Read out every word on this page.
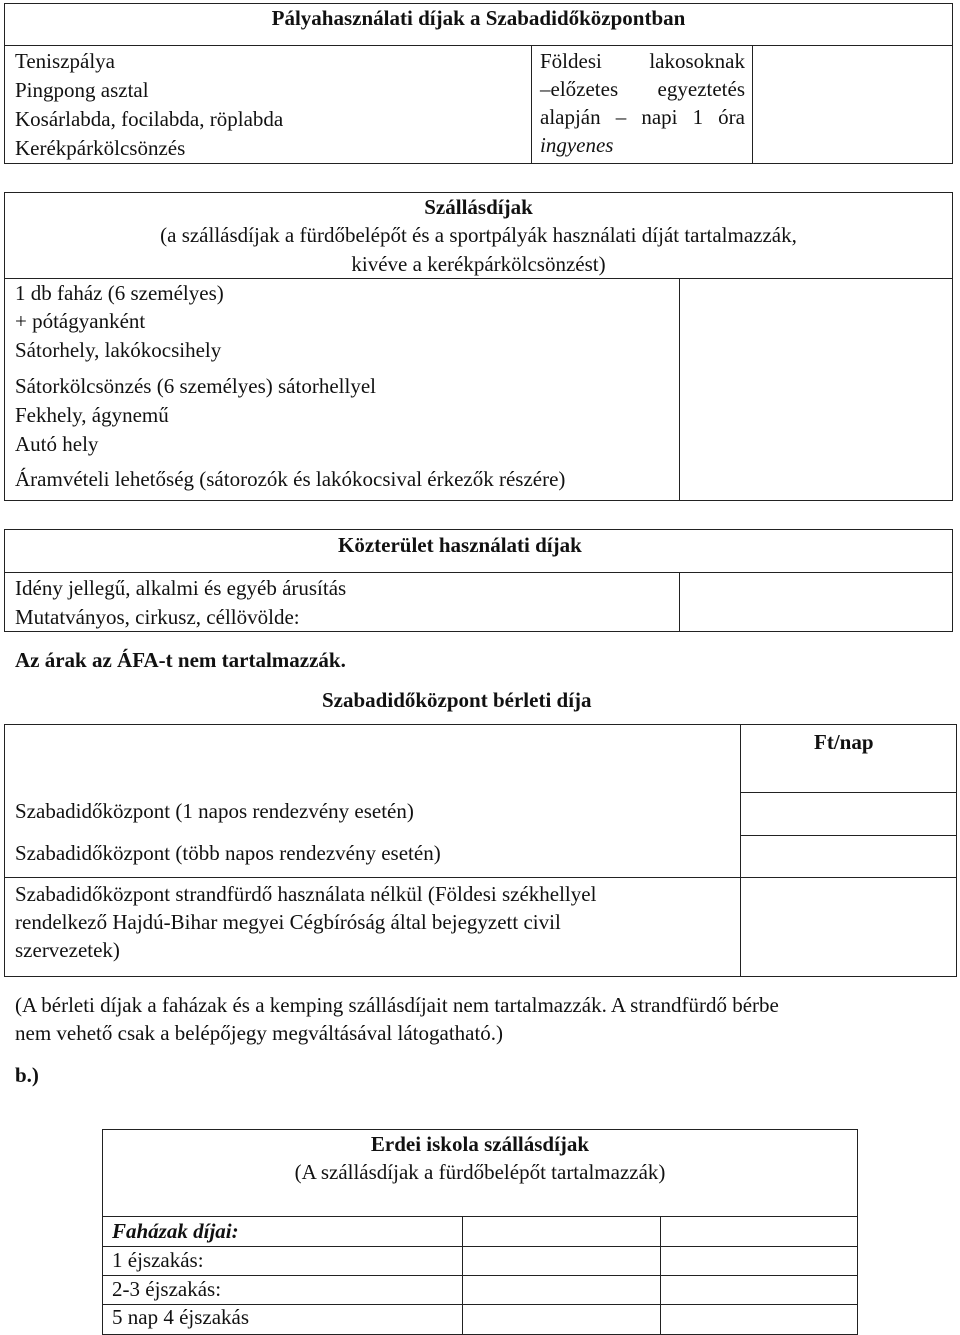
Pályahasználati díjak a Szabadidőközpontban
Teniszpálya
Pingpong asztal
Kosárlabda, focilabda, röplabda
Kerékpárkölcsönzés
Földesi lakosoknak
–előzetes egyeztetés
alapján – napi 1 óra
ingyenes
Szállásdíjak
(a szállásdíjak a fürdőbelépőt és a sportpályák használati díját tartalmazzák,
kivéve a kerékpárkölcsönzést)
1 db faház (6 személyes)
+ pótágyanként
Sátorhely, lakókocsihely
Sátorkölcsönzés (6 személyes) sátorhellyel
Fekhely, ágynemű
Autó hely
Áramvételi lehetőség (sátorozók és lakókocsival érkezők részére)
Közterület használati díjak
Idény jellegű, alkalmi és egyéb árusítás
Mutatványos, cirkusz, céllövölde:
Az árak az ÁFA-t nem tartalmazzák.
Szabadidőközpont bérleti díja
Ft/nap
Szabadidőközpont (1 napos rendezvény esetén)
Szabadidőközpont (több napos rendezvény esetén)
Szabadidőközpont strandfürdő használata nélkül (Földesi székhellyel
rendelkező Hajdú-Bihar megyei Cégbíróság által bejegyzett civil
szervezetek)
(A bérleti díjak a faházak és a kemping szállásdíjait nem tartalmazzák. A strandfürdő bérbe
nem vehető csak a belépőjegy megváltásával látogatható.)
b.)
Erdei iskola szállásdíjak
(A szállásdíjak a fürdőbelépőt tartalmazzák)
Faházak díjai:
1 éjszakás:
2-3 éjszakás:
5 nap 4 éjszakás
